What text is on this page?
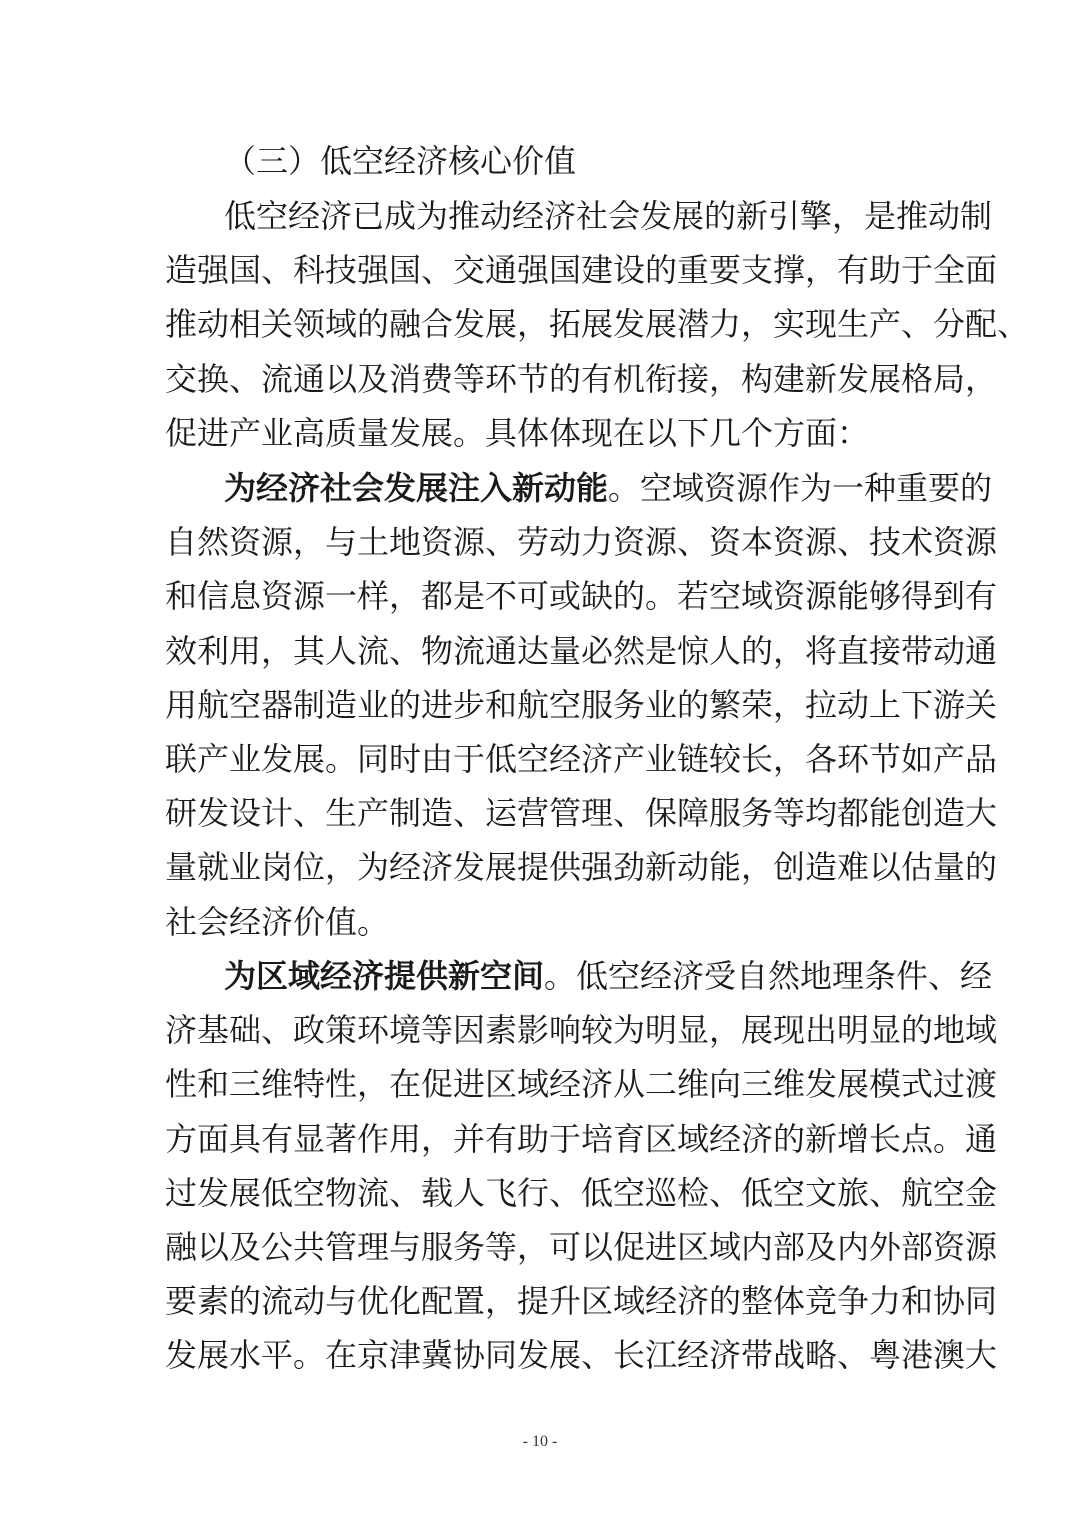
（三）低空经济核心价值
低空经济已成为推动经济社会发展的新引擎，是推动制
造强国、科技强国、交通强国建设的重要支撑，有助于全面
推动相关领域的融合发展，拓展发展潜力，实现生产、分配、
交换、流通以及消费等环节的有机衔接，构建新发展格局，
促进产业高质量发展。具体体现在以下几个方面：
为经济社会发展注入新动能。空域资源作为一种重要的
自然资源，与土地资源、劳动力资源、资本资源、技术资源
和信息资源一样，都是不可或缺的。若空域资源能够得到有
效利用，其人流、物流通达量必然是惊人的，将直接带动通
用航空器制造业的进步和航空服务业的繁荣，拉动上下游关
联产业发展。同时由于低空经济产业链较长，各环节如产品
研发设计、生产制造、运营管理、保障服务等均都能创造大
量就业岗位，为经济发展提供强劲新动能，创造难以估量的
社会经济价值。
为区域经济提供新空间。低空经济受自然地理条件、经
济基础、政策环境等因素影响较为明显，展现出明显的地域
性和三维特性，在促进区域经济从二维向三维发展模式过渡
方面具有显著作用，并有助于培育区域经济的新增长点。通
过发展低空物流、载人飞行、低空巡检、低空文旅、航空金
融以及公共管理与服务等，可以促进区域内部及内外部资源
要素的流动与优化配置，提升区域经济的整体竞争力和协同
发展水平。在京津冀协同发展、长江经济带战略、粤港澳大
- 10 -
